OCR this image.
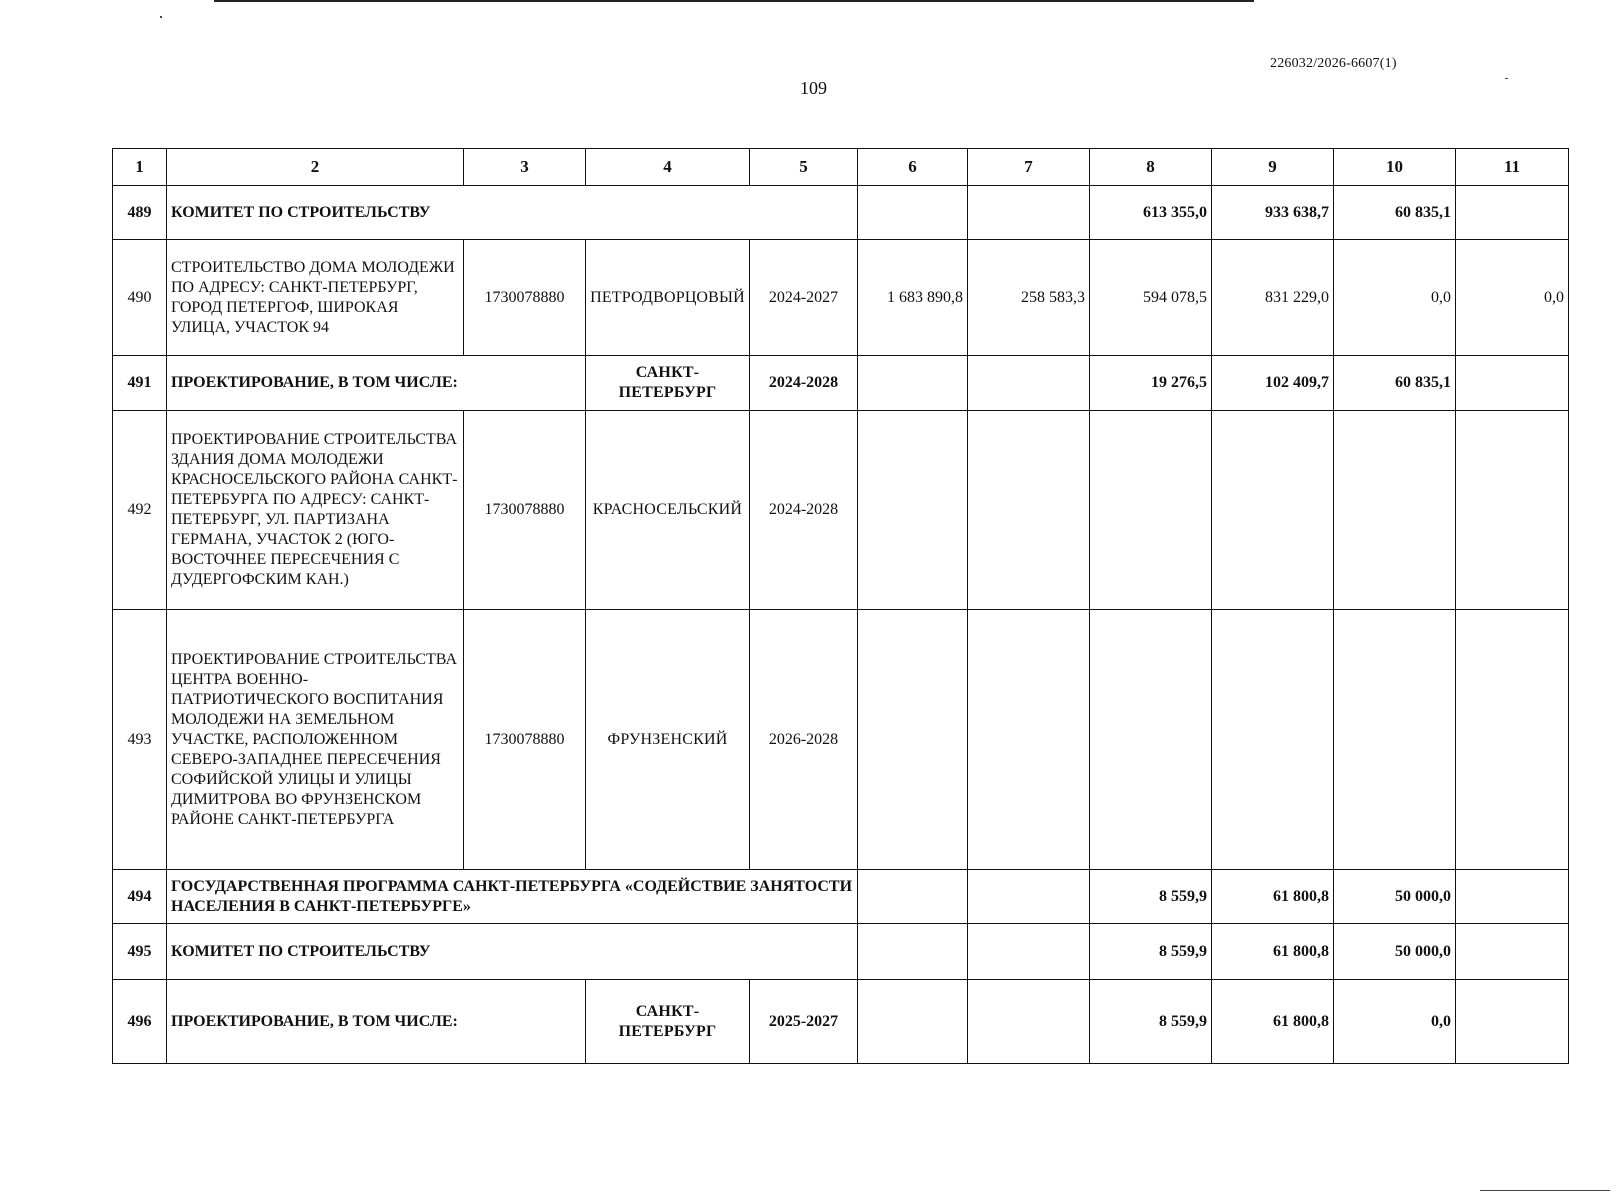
226032/2026-6607(1)
109
1	2	3	4	5	6	7	8	9	10	11
489	КОМИТЕТ ПО СТРОИТЕЛЬСТВУ						613 355,0	933 638,7	60 835,1	
490	СТРОИТЕЛЬСТВО ДОМА МОЛОДЕЖИ ПО АДРЕСУ: САНКТ-ПЕТЕРБУРГ, ГОРОД ПЕТЕРГОФ, ШИРОКАЯ УЛИЦА, УЧАСТОК 94	1730078880	ПЕТРОДВОРЦОВЫЙ	2024-2027	1 683 890,8	258 583,3	594 078,5	831 229,0	0,0	0,0
491	ПРОЕКТИРОВАНИЕ, В ТОМ ЧИСЛЕ:		САНКТ-ПЕТЕРБУРГ	2024-2028			19 276,5	102 409,7	60 835,1	
492	ПРОЕКТИРОВАНИЕ СТРОИТЕЛЬСТВА ЗДАНИЯ ДОМА МОЛОДЕЖИ КРАСНОСЕЛЬСКОГО РАЙОНА САНКТ-ПЕТЕРБУРГА ПО АДРЕСУ: САНКТ-ПЕТЕРБУРГ, УЛ. ПАРТИЗАНА ГЕРМАНА, УЧАСТОК 2 (ЮГО-ВОСТОЧНЕЕ ПЕРЕСЕЧЕНИЯ С ДУДЕРГОФСКИМ КАН.)	1730078880	КРАСНОСЕЛЬСКИЙ	2024-2028						
493	ПРОЕКТИРОВАНИЕ СТРОИТЕЛЬСТВА ЦЕНТРА ВОЕННО-ПАТРИОТИЧЕСКОГО ВОСПИТАНИЯ МОЛОДЕЖИ НА ЗЕМЕЛЬНОМ УЧАСТКЕ, РАСПОЛОЖЕННОМ СЕВЕРО-ЗАПАДНЕЕ ПЕРЕСЕЧЕНИЯ СОФИЙСКОЙ УЛИЦЫ И УЛИЦЫ ДИМИТРОВА ВО ФРУНЗЕНСКОМ РАЙОНЕ САНКТ-ПЕТЕРБУРГА	1730078880	ФРУНЗЕНСКИЙ	2026-2028						
494	ГОСУДАРСТВЕННАЯ ПРОГРАММА САНКТ-ПЕТЕРБУРГА «СОДЕЙСТВИЕ ЗАНЯТОСТИ НАСЕЛЕНИЯ В САНКТ-ПЕТЕРБУРГЕ»						8 559,9	61 800,8	50 000,0	
495	КОМИТЕТ ПО СТРОИТЕЛЬСТВУ						8 559,9	61 800,8	50 000,0	
496	ПРОЕКТИРОВАНИЕ, В ТОМ ЧИСЛЕ:		САНКТ-ПЕТЕРБУРГ	2025-2027			8 559,9	61 800,8	0,0	
